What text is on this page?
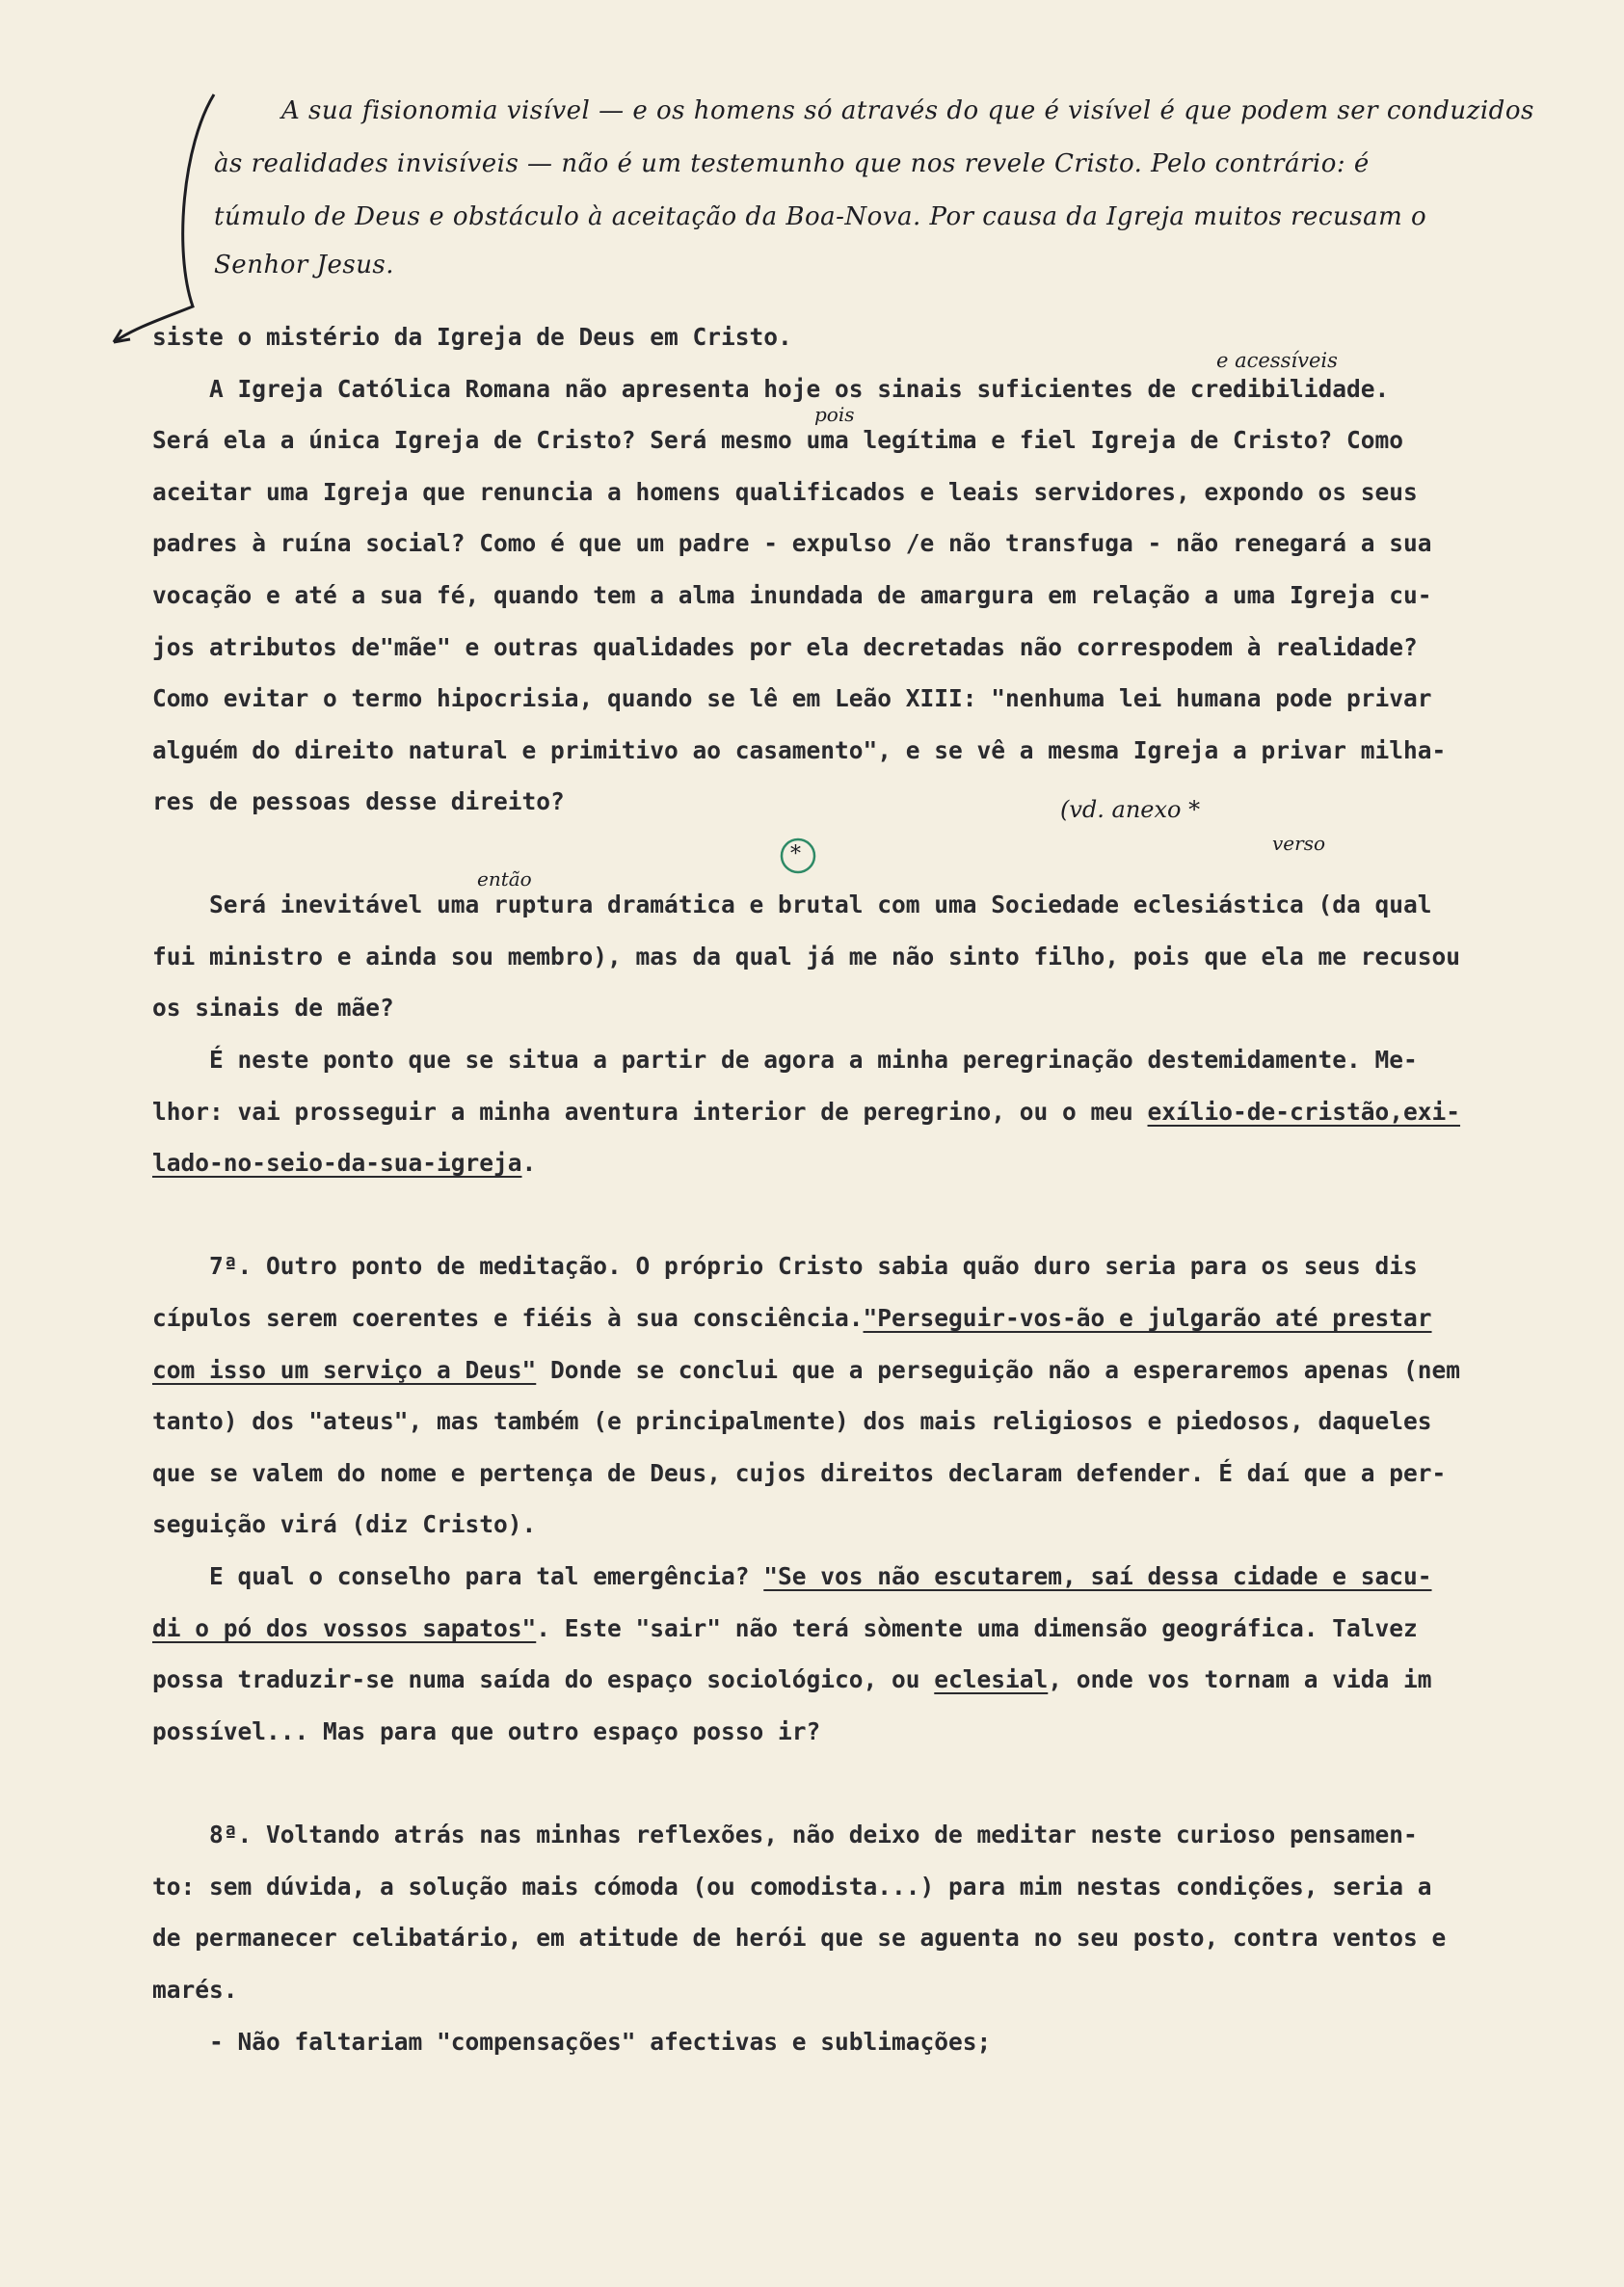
A sua fisionomia visível — e os homens só através do que é visível é que podem ser conduzidos
às realidades invisíveis — não é um testemunho que nos revele Cristo. Pelo contrário: é
túmulo de Deus e obstáculo à aceitação da Boa-Nova. Por causa da Igreja muitos recusam o
Senhor Jesus.
e acessíveis
pois
(vd. anexo *
verso
*
então
siste o mistério da Igreja de Deus em Cristo.
A Igreja Católica Romana não apresenta hoje os sinais suficientes de credibilidade.
Será ela a única Igreja de Cristo? Será mesmo uma legítima e fiel Igreja de Cristo? Como
aceitar uma Igreja que renuncia a homens qualificados e leais servidores, expondo os seus
padres à ruína social? Como é que um padre - expulso /e não transfuga - não renegará a sua
vocação e até a sua fé, quando tem a alma inundada de amargura em relação a uma Igreja cu-
jos atributos de"mãe" e outras qualidades por ela decretadas não correspodem à realidade?
Como evitar o termo hipocrisia, quando se lê em Leão XIII: "nenhuma lei humana pode privar
alguém do direito natural e primitivo ao casamento", e se vê a mesma Igreja a privar milha-
res de pessoas desse direito?
Será inevitável uma ruptura dramática e brutal com uma Sociedade eclesiástica (da qual
fui ministro e ainda sou membro), mas da qual já me não sinto filho, pois que ela me recusou
os sinais de mãe?
É neste ponto que se situa a partir de agora a minha peregrinação destemidamente. Me-
lhor: vai prosseguir a minha aventura interior de peregrino, ou o meu exílio-de-cristão,exi-
lado-no-seio-da-sua-igreja.
7ª. Outro ponto de meditação. O próprio Cristo sabia quão duro seria para os seus dis
cípulos serem coerentes e fiéis à sua consciência."Perseguir-vos-ão e julgarão até prestar
com isso um serviço a Deus" Donde se conclui que a perseguição não a esperaremos apenas (nem
tanto) dos "ateus", mas também (e principalmente) dos mais religiosos e piedosos, daqueles
que se valem do nome e pertença de Deus, cujos direitos declaram defender. É daí que a per-
seguição virá (diz Cristo).
E qual o conselho para tal emergência? "Se vos não escutarem, saí dessa cidade e sacu-
di o pó dos vossos sapatos". Este "sair" não terá sòmente uma dimensão geográfica. Talvez
possa traduzir-se numa saída do espaço sociológico, ou eclesial, onde vos tornam a vida im
possível... Mas para que outro espaço posso ir?
8ª. Voltando atrás nas minhas reflexões, não deixo de meditar neste curioso pensamen-
to: sem dúvida, a solução mais cómoda (ou comodista...) para mim nestas condições, seria a
de permanecer celibatário, em atitude de herói que se aguenta no seu posto, contra ventos e
marés.
- Não faltariam "compensações" afectivas e sublimações;
